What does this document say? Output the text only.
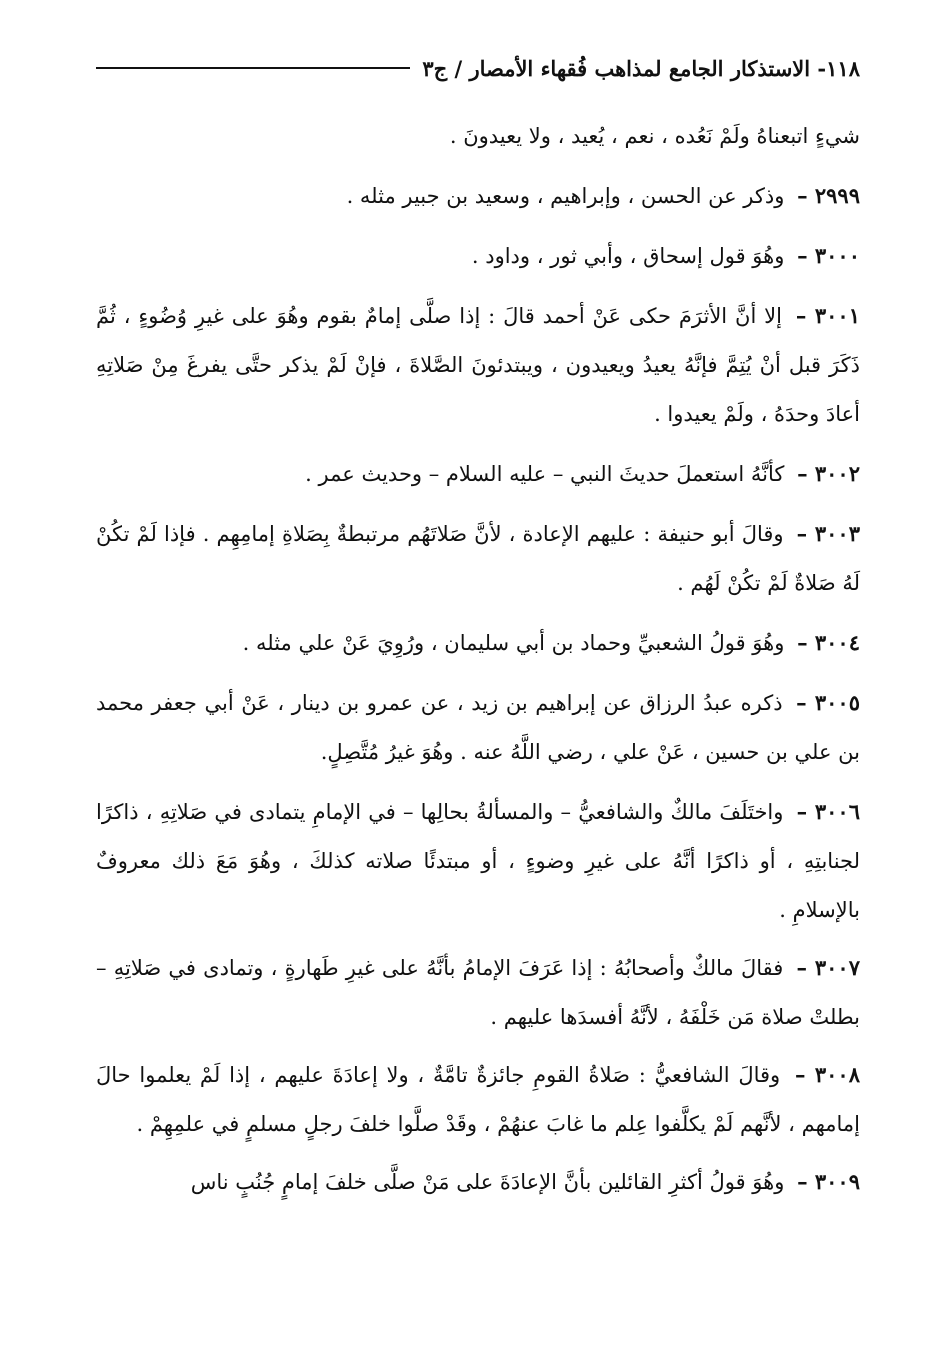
١١٨- الاستذكار الجامع لمذاهب فُقهاء الأمصار / ج٣

شيءٍ اتبعناهُ ولَمْ نَعُده ، نعم ، يُعيد ، ولا يعيدونَ .

٢٩٩٩ – وذكر عن الحسن ، وإبراهيم ، وسعيد بن جبير مثله .

٣٠٠٠ – وهُوَ قول إسحاق ، وأبي ثور ، وداود .

٣٠٠١ – إلا أنَّ الأثرَمَ حكى عَنْ أحمد قالَ : إذا صلَّى إمامٌ بقوم وهُوَ على غيرِ وُضُوءٍ ، ثُمَّ ذَكَرَ قبل أنْ يُتِمَّ فإنَّهُ يعيدُ ويعيدون ، ويبتدئونَ الصَّلاةَ ، فإنْ لَمْ يذكر حتَّى يفرغَ مِنْ صَلاتِهِ أعادَ وحدَهُ ، ولَمْ يعيدوا .

٣٠٠٢ – كأنَّهُ استعملَ حديثَ النبي – عليه السلام – وحديث عمر .

٣٠٠٣ – وقالَ أبو حنيفة : عليهم الإعادة ، لأنَّ صَلاتَهُم مرتبطةٌ بِصَلاةِ إمامِهِم . فإذا لَمْ تكُنْ لَهُ صَلاةٌ لَمْ تكُنْ لَهُم .

٣٠٠٤ – وهُوَ قولُ الشعبيِّ وحماد بن أبي سليمان ، ورُوِيَ عَنْ علي مثله .

٣٠٠٥ – ذكره عبدُ الرزاق عن إبراهيم بن زيد ، عن عمرو بن دينار ، عَنْ أبي جعفر محمد بن علي بن حسين ، عَنْ علي ، رضي اللَّهُ عنه . وهُوَ غيرُ مُتَّصِلٍ.

٣٠٠٦ – واختَلَفَ مالكٌ والشافعيُّ – والمسألةُ بحالِها – في الإمامِ يتمادى في صَلاتِهِ ، ذاكرًا لجنابتِهِ ، أو ذاكرًا أنَّهُ على غيرِ وضوءٍ ، أو مبتدئًا صلاته كذلكَ ، وهُوَ مَعَ ذلك معروفٌ بالإسلامِ .

٣٠٠٧ – فقالَ مالكٌ وأصحابُهُ : إذا عَرَفَ الإمامُ بأنَّهُ على غيرِ طَهارةٍ ، وتمادى في صَلاتِهِ – بطلتْ صلاة مَن خَلْفَهُ ، لأنَّهُ أفسدَها عليهم .

٣٠٠٨ – وقالَ الشافعيُّ : صَلاةُ القومِ جائزةٌ تامَّةٌ ، ولا إعادَةَ عليهم ، إذا لَمْ يعلموا حالَ إمامهم ، لأنَّهم لَمْ يكلَّفوا عِلم ما غابَ عنهُمْ ، وقَدْ صلَّوا خلفَ رجلٍ مسلمٍ في علمِهِمْ .

٣٠٠٩ – وهُوَ قولُ أكثرِ القائلين بأنَّ الإعادَةَ على مَنْ صلَّى خلفَ إمامٍ جُنُبٍ ناس
